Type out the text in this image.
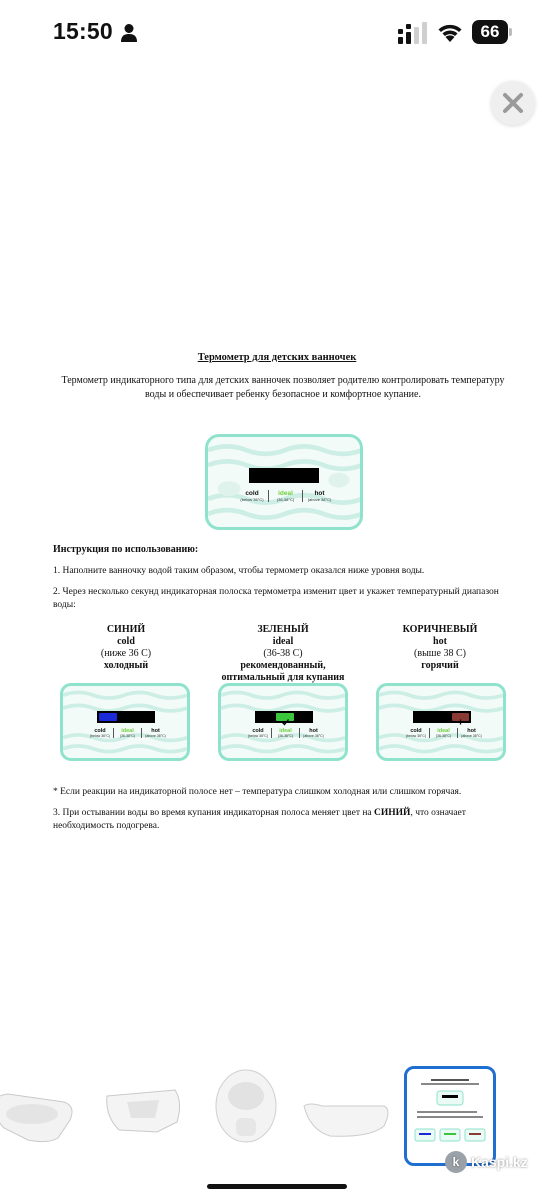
15:50	66
Термометр для детских ванночек
Термометр индикаторного типа для детских ванночек позволяет родителю контролировать температуру воды и обеспечивает ребенку безопасное и комфортное купание.
cold
(below 36°C)
ideal
(36-38°C)
hot
(above 38°C)
Инструкция по использованию:
1. Наполните ванночку водой таким образом, чтобы термометр оказался ниже уровня воды.
2. Через несколько секунд индикаторная полоска термометра изменит цвет и укажет температурный диапазон воды:
СИНИЙ
cold
(ниже 36 С)
холодный
ЗЕЛЕНЫЙ
ideal
(36-38 С)
рекомендованный,
оптимальный для купания
КОРИЧНЕВЫЙ
hot
(выше 38 С)
горячий
cold
(below 36°C)
ideal
(36-38°C)
hot
(above 38°C)
cold
(below 36°C)
ideal
(36-38°C)
hot
(above 38°C)
cold
(below 36°C)
ideal
(36-38°C)
hot
(above 38°C)
* Если реакции на индикаторной полосе нет – температура слишком холодная или слишком горячая.
3. При остывании воды во время купания индикаторная полоса меняет цвет на СИНИЙ, что означает необходимость подогрева.
k Kaspi.kz
